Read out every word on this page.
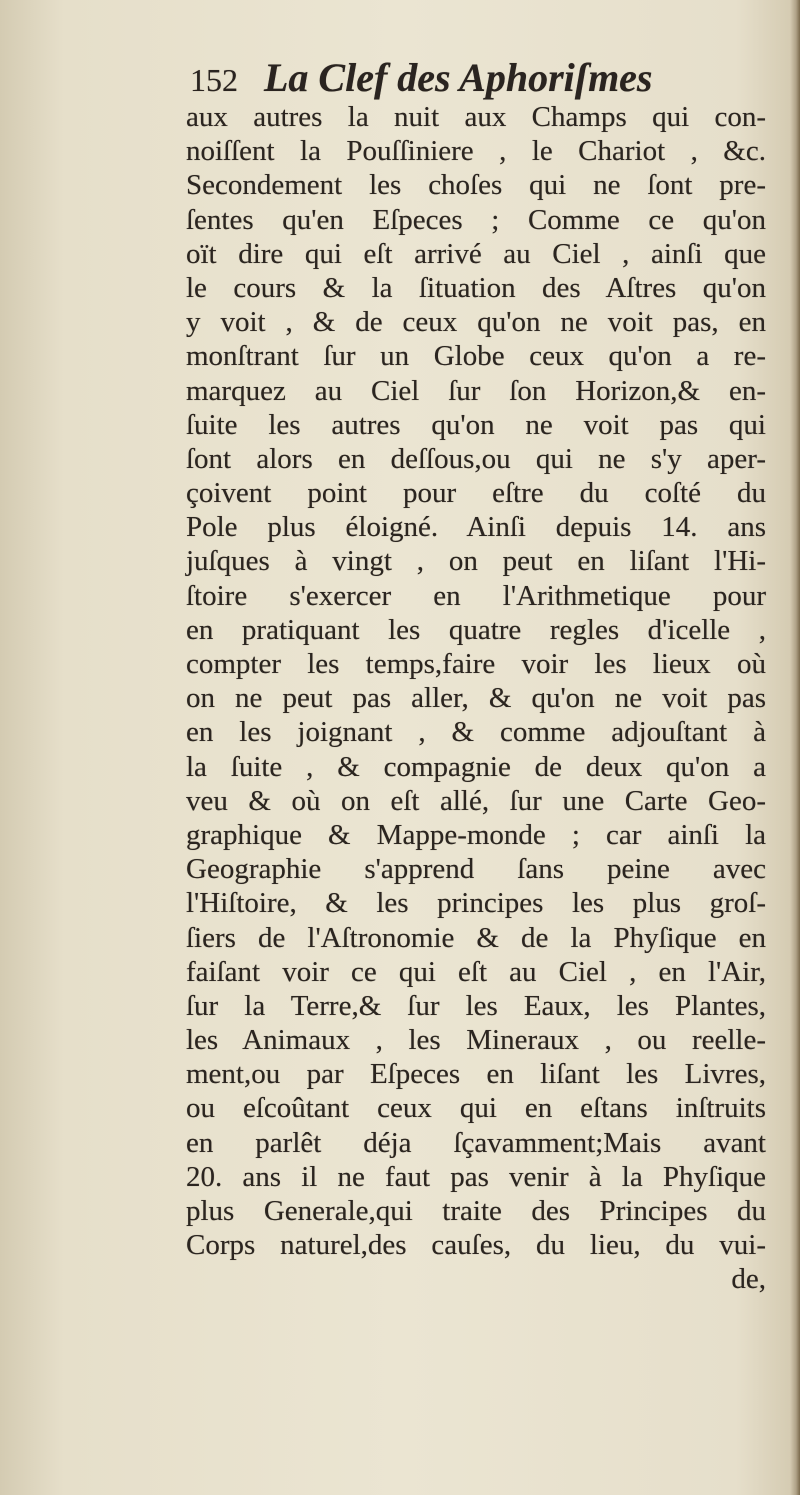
152 La Clef des Aphoriſmes
aux autres la nuit aux Champs qui con-
noiſſent la Pouſſiniere , le Chariot , &c.
Secondement les choſes qui ne ſont pre-
ſentes qu'en Eſpeces ; Comme ce qu'on
oït dire qui eſt arrivé au Ciel , ainſi que
le cours & la ſituation des Aſtres qu'on
y voit , & de ceux qu'on ne voit pas, en
monſtrant ſur un Globe ceux qu'on a re-
marquez au Ciel ſur ſon Horizon,& en-
ſuite les autres qu'on ne voit pas qui
ſont alors en deſſous,ou qui ne s'y aper-
çoivent point pour eſtre du coſté du
Pole plus éloigné. Ainſi depuis 14. ans
juſques à vingt , on peut en liſant l'Hi-
ſtoire s'exercer en l'Arithmetique pour
en pratiquant les quatre regles d'icelle ,
compter les temps,faire voir les lieux où
on ne peut pas aller, & qu'on ne voit pas
en les joignant , & comme adjouſtant à
la ſuite , & compagnie de deux qu'on a
veu & où on eſt allé, ſur une Carte Geo-
graphique & Mappe-monde ; car ainſi la
Geographie s'apprend ſans peine avec
l'Hiſtoire, & les principes les plus groſ-
ſiers de l'Aſtronomie & de la Phyſique en
faiſant voir ce qui eſt au Ciel , en l'Air,
ſur la Terre,& ſur les Eaux, les Plantes,
les Animaux , les Mineraux , ou reelle-
ment,ou par Eſpeces en liſant les Livres,
ou eſcoûtant ceux qui en eſtans inſtruits
en parlêt déja ſçavamment;Mais avant
20. ans il ne faut pas venir à la Phyſique
plus Generale,qui traite des Principes du
Corps naturel,des cauſes, du lieu, du vui-
de,
